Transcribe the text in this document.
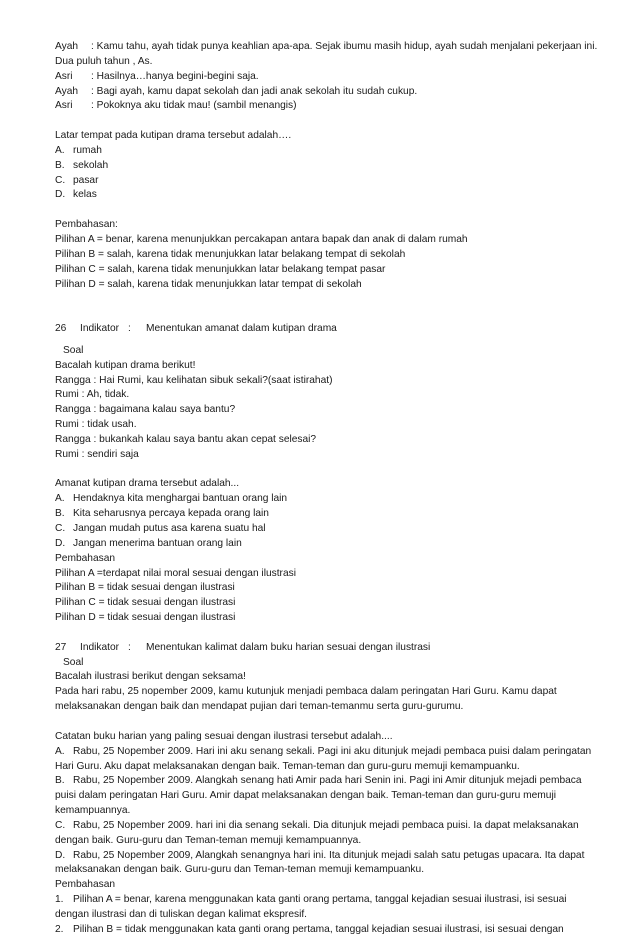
Ayah : Kamu tahu, ayah tidak punya keahlian apa-apa. Sejak ibumu masih hidup, ayah sudah menjalani pekerjaan ini.
Dua puluh tahun , As.
Asri : Hasilnya…hanya begini-begini saja.
Ayah : Bagi ayah, kamu dapat sekolah dan jadi anak sekolah itu sudah cukup.
Asri : Pokoknya aku tidak mau! (sambil menangis)
Latar tempat pada kutipan drama tersebut adalah….
A. rumah
B. sekolah
C. pasar
D. kelas
Pembahasan:
Pilihan A = benar, karena menunjukkan percakapan antara bapak dan anak di dalam rumah
Pilihan B = salah, karena tidak menunjukkan latar belakang tempat di sekolah
Pilihan C = salah, karena tidak menunjukkan latar belakang tempat pasar
Pilihan D = salah, karena tidak menunjukkan latar tempat di sekolah
26 Indikator : Menentukan amanat dalam kutipan drama
Soal
Bacalah kutipan drama berikut!
Rangga : Hai Rumi, kau kelihatan sibuk sekali?(saat istirahat)
Rumi : Ah, tidak.
Rangga : bagaimana kalau saya bantu?
Rumi : tidak usah.
Rangga : bukankah kalau saya bantu akan cepat selesai?
Rumi : sendiri saja
Amanat kutipan drama tersebut adalah...
A. Hendaknya kita menghargai bantuan orang lain
B. Kita seharusnya percaya kepada orang lain
C. Jangan mudah putus asa karena suatu hal
D. Jangan menerima bantuan orang lain
Pembahasan
Pilihan A =terdapat nilai moral sesuai dengan ilustrasi
Pilihan B = tidak sesuai dengan ilustrasi
Pilihan C = tidak sesuai dengan ilustrasi
Pilihan D = tidak sesuai dengan ilustrasi
27 Indikator : Menentukan kalimat dalam buku harian sesuai dengan ilustrasi
Soal
Bacalah ilustrasi berikut dengan seksama!
Pada hari rabu, 25 nopember 2009, kamu kutunjuk menjadi pembaca dalam peringatan Hari Guru. Kamu dapat
melaksanakan dengan baik dan mendapat pujian dari teman-temanmu serta guru-gurumu.
Catatan buku harian yang paling sesuai dengan ilustrasi tersebut adalah....
A. Rabu, 25 Nopember 2009. Hari ini aku senang sekali. Pagi ini aku ditunjuk mejadi pembaca puisi dalam peringatan
Hari Guru. Aku dapat melaksanakan dengan baik. Teman-teman dan guru-guru memuji kemampuanku.
B. Rabu, 25 Nopember 2009. Alangkah senang hati Amir pada hari Senin ini. Pagi ini Amir ditunjuk mejadi pembaca
puisi dalam peringatan Hari Guru. Amir dapat melaksanakan dengan baik. Teman-teman dan guru-guru memuji
kemampuannya.
C. Rabu, 25 Nopember 2009. hari ini dia senang sekali. Dia ditunjuk mejadi pembaca puisi. Ia dapat melaksanakan
dengan baik. Guru-guru dan Teman-teman memuji kemampuannya.
D. Rabu, 25 Nopember 2009, Alangkah senangnya hari ini. Ita ditunjuk mejadi salah satu petugas upacara. Ita dapat
melaksanakan dengan baik. Guru-guru dan Teman-teman memuji kemampuanku.
Pembahasan
1. Pilihan A = benar, karena menggunakan kata ganti orang pertama, tanggal kejadian sesuai ilustrasi, isi sesuai
dengan ilustrasi dan di tuliskan degan kalimat ekspresif.
2. Pilihan B = tidak menggunakan kata ganti orang pertama, tanggal kejadian sesuai ilustrasi, isi sesuai dengan
